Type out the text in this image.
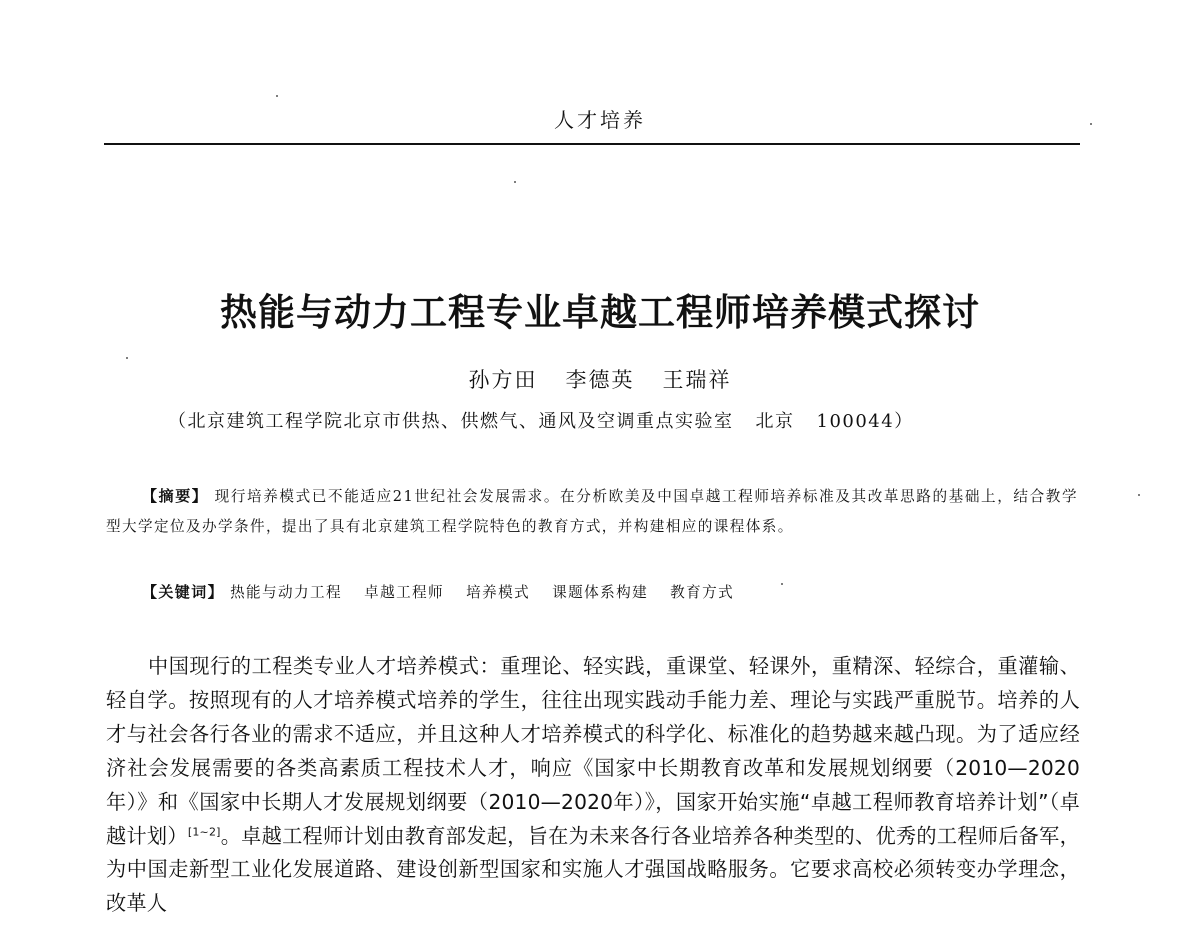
人才培养
热能与动力工程专业卓越工程师培养模式探讨
孙方田 李德英 王瑞祥
（北京建筑工程学院北京市供热、供燃气、通风及空调重点实验室 北京 100044）
【摘要】 现行培养模式已不能适应21世纪社会发展需求。在分析欧美及中国卓越工程师培养标准及其改革思路的基础上，结合教学型大学定位及办学条件，提出了具有北京建筑工程学院特色的教育方式，并构建相应的课程体系。
【关键词】 热能与动力工程 卓越工程师 培养模式 课题体系构建 教育方式
中国现行的工程类专业人才培养模式：重理论、轻实践，重课堂、轻课外，重精深、轻综合，重灌输、轻自学。按照现有的人才培养模式培养的学生，往往出现实践动手能力差、理论与实践严重脱节。培养的人才与社会各行各业的需求不适应，并且这种人才培养模式的科学化、标准化的趋势越来越凸现。为了适应经济社会发展需要的各类高素质工程技术人才，响应《国家中长期教育改革和发展规划纲要（2010—2020年）》和《国家中长期人才发展规划纲要（2010—2020年）》，国家开始实施“卓越工程师教育培养计划”（卓越计划）[1~2]。卓越工程师计划由教育部发起，旨在为未来各行各业培养各种类型的、优秀的工程师后备军，为中国走新型工业化发展道路、建设创新型国家和实施人才强国战略服务。它要求高校必须转变办学理念，改革人
